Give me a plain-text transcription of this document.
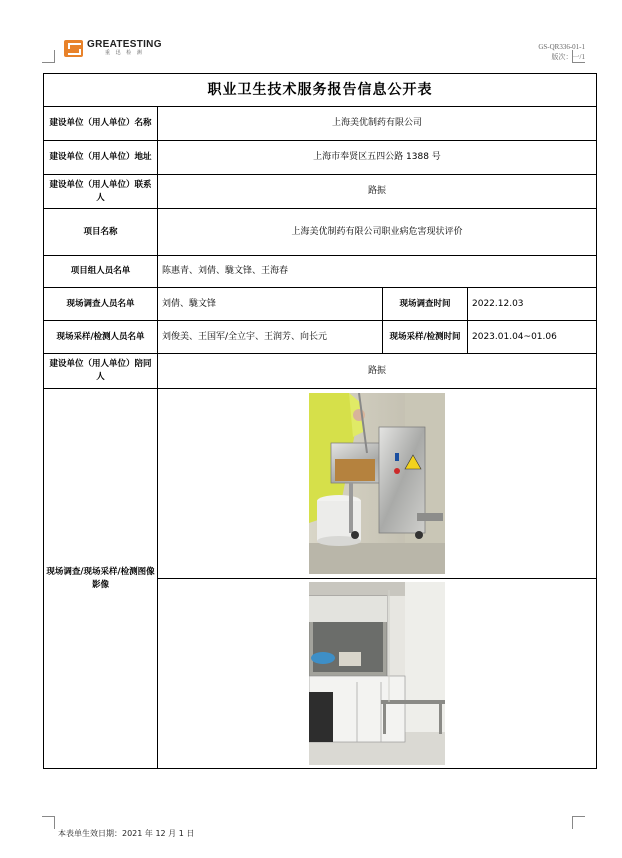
GREATESTING
重 迅 检 测
GS-QR336-01-1
版次：一/1
职业卫生技术服务报告信息公开表			
建设单位（用人单位）名称	上海美优制药有限公司		
建设单位（用人单位）地址	上海市奉贤区五四公路 1388 号		
建设单位（用人单位）联系人	路振		
项目名称	上海美优制药有限公司职业病危害现状评价		
项目组人员名单	陈惠青、刘倩、駹文锋、王海春		
现场调查人员名单	刘倩、駹文锋	现场调查时间	2022.12.03
现场采样/检测人员名单	刘俊美、王国军/全立宇、王润芳、向长元	现场采样/检测时间	2023.01.04~01.06
建设单位（用人单位）陪同人	路振		
现场调查/现场采样/检测图像影像	

本表单生效日期：2021 年 12 月 1 日
